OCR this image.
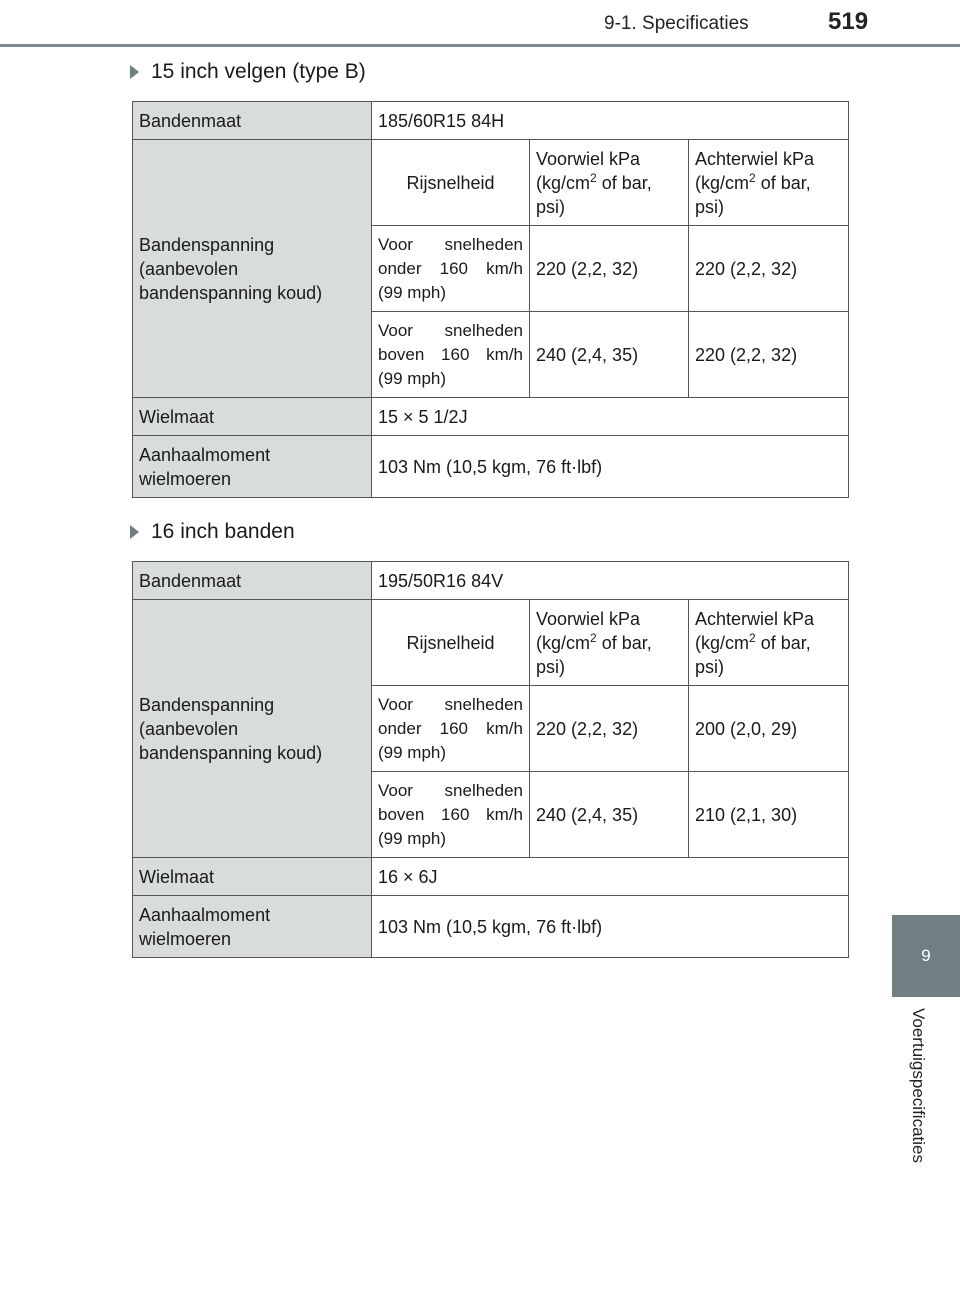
9-1. Specificaties	519
9
Voertuigspecificaties
15 inch velgen (type B)
Bandenmaat	185/60R15 84H		
Bandenspanning (aanbevolen bandenspanning koud)	Rijsnelheid	Voorwiel kPa ($kg/cm^2$ of bar, psi)	Achterwiel kPa ($kg/cm^2$ of bar, psi)
	Voor snelheden onder 160 km/h (99 mph)	220 (2,2, 32)	220 (2,2, 32)
	Voor snelheden boven 160 km/h (99 mph)	240 (2,4, 35)	220 (2,2, 32)
Wielmaat	15 × 5 1/2J		
Aanhaalmoment wielmoeren	103 Nm (10,5 kgm, 76 ft·lbf)		
16 inch banden
Bandenmaat	195/50R16 84V		
Bandenspanning (aanbevolen bandenspanning koud)	Rijsnelheid	Voorwiel kPa ($kg/cm^2$ of bar, psi)	Achterwiel kPa ($kg/cm^2$ of bar, psi)
	Voor snelheden onder 160 km/h (99 mph)	220 (2,2, 32)	200 (2,0, 29)
	Voor snelheden boven 160 km/h (99 mph)	240 (2,4, 35)	210 (2,1, 30)
Wielmaat	16 × 6J		
Aanhaalmoment wielmoeren	103 Nm (10,5 kgm, 76 ft·lbf)		
